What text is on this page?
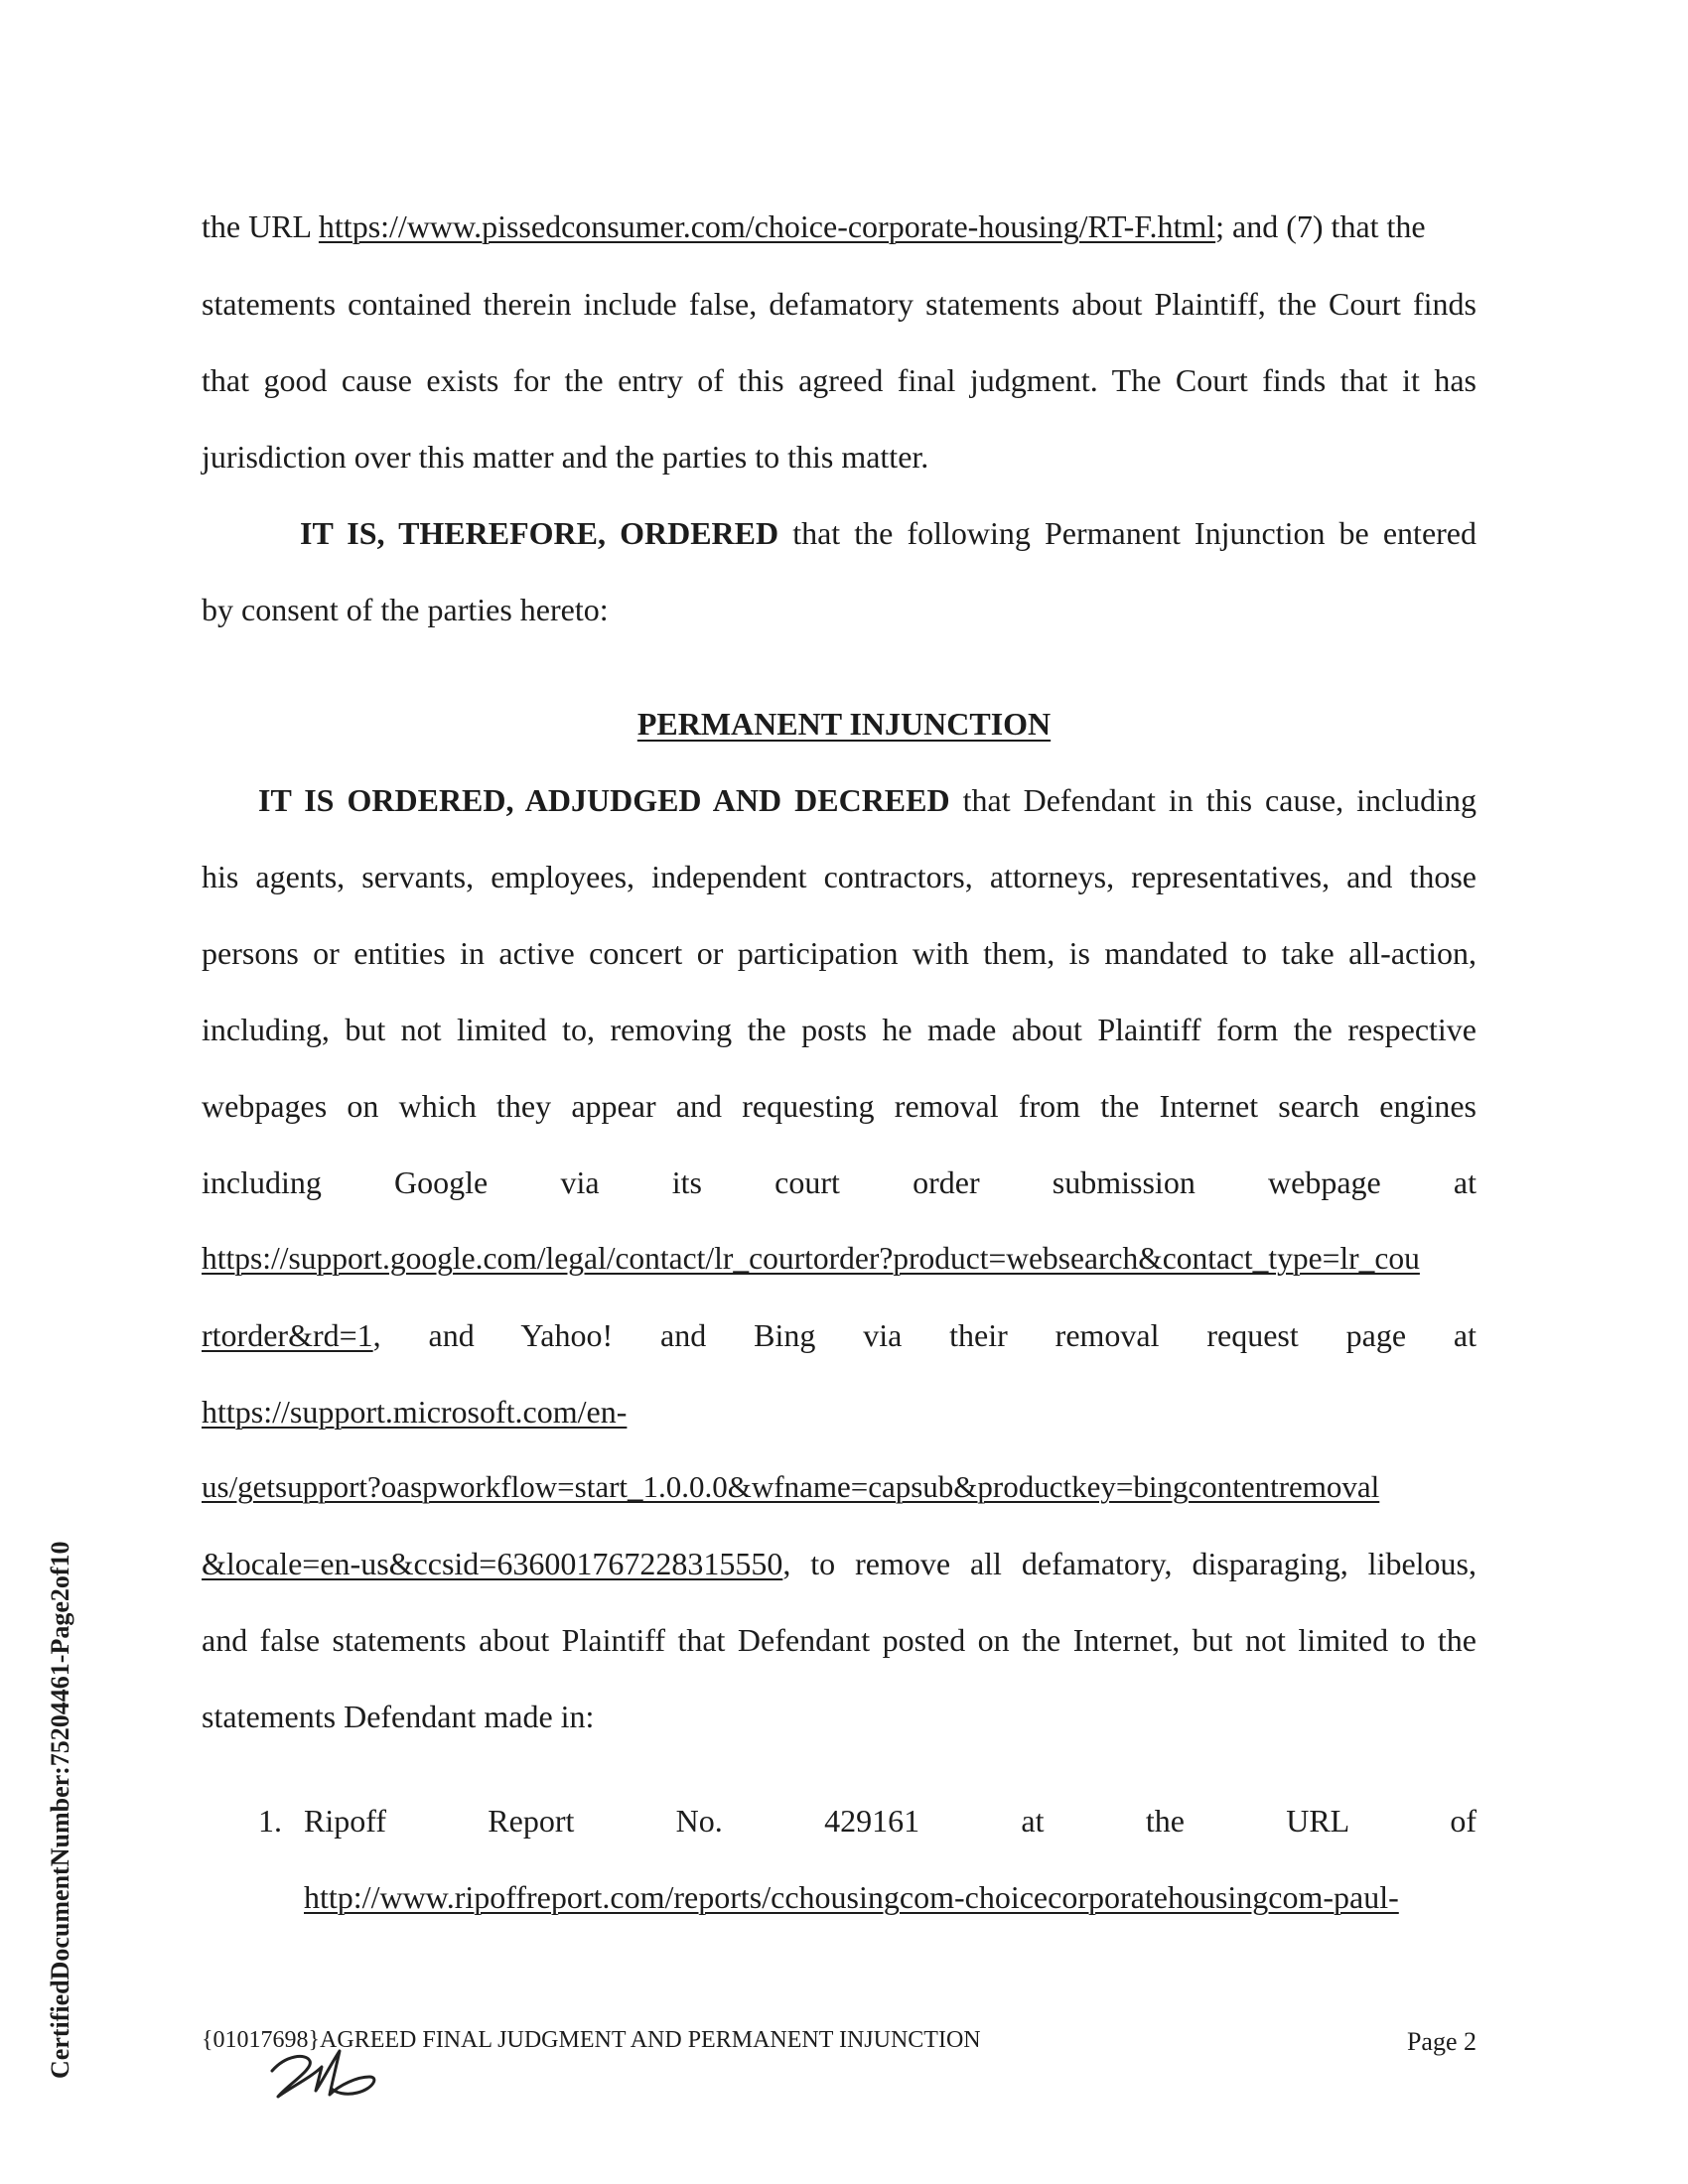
the URL https://www.pissedconsumer.com/choice-corporate-housing/RT-F.html; and (7) that the
statements contained therein include false, defamatory statements about Plaintiff, the Court finds
that good cause exists for the entry of this agreed final judgment. The Court finds that it has
jurisdiction over this matter and the parties to this matter.
IT IS, THEREFORE, ORDERED that the following Permanent Injunction be entered
by consent of the parties hereto:
PERMANENT INJUNCTION
IT IS ORDERED, ADJUDGED AND DECREED that Defendant in this cause, including
his agents, servants, employees, independent contractors, attorneys, representatives, and those
persons or entities in active concert or participation with them, is mandated to take all-action,
including, but not limited to, removing the posts he made about Plaintiff form the respective
webpages on which they appear and requesting removal from the Internet search engines
including Google via its court order submission webpage at
https://support.google.com/legal/contact/lr_courtorder?product=websearch&contact_type=lr_cou
rtorder&rd=1, and Yahoo! and Bing via their removal request page at
https://support.microsoft.com/en-
us/getsupport?oaspworkflow=start_1.0.0.0&wfname=capsub&productkey=bingcontentremoval
&locale=en-us&ccsid=636001767228315550, to remove all defamatory, disparaging, libelous,
and false statements about Plaintiff that Defendant posted on the Internet, but not limited to the
statements Defendant made in:
1. Ripoff Report No. 429161 at the URL of
http://www.ripoffreport.com/reports/cchousingcom-choicecorporatehousingcom-paul-
{01017698}AGREED FINAL JUDGMENT AND PERMANENT INJUNCTION	Page 2
CertifiedDocumentNumber:75204461-Page2of10
